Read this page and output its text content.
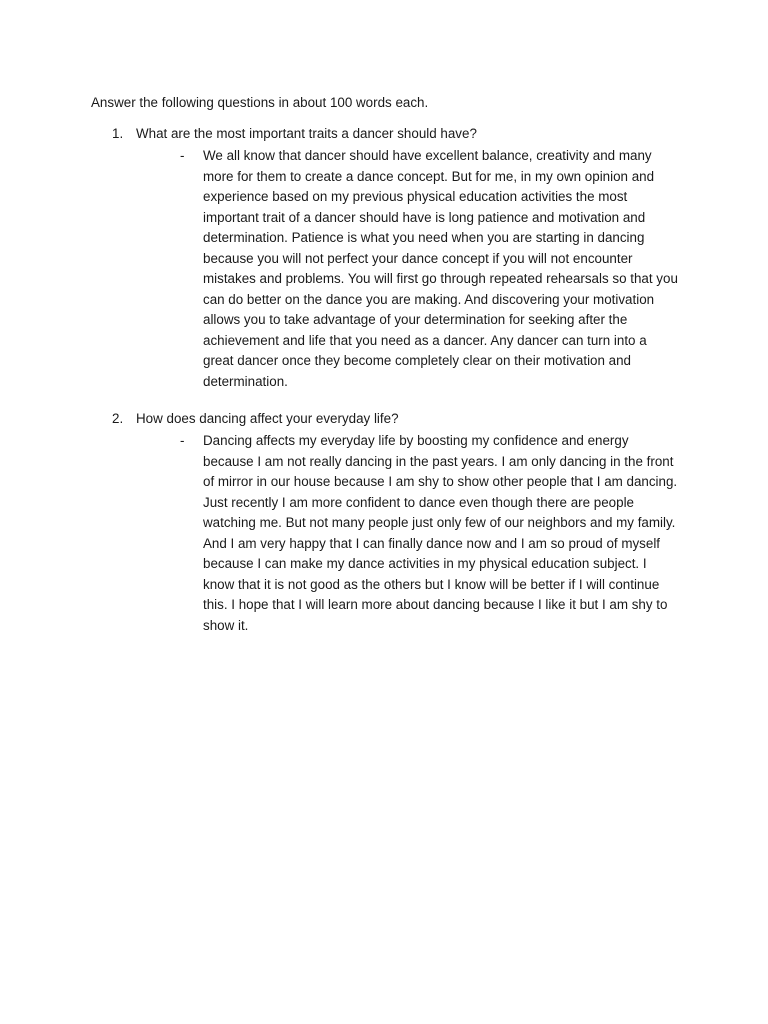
Answer the following questions in about 100 words each.
1. What are the most important traits a dancer should have?
- We all know that dancer should have excellent balance, creativity and many more for them to create a dance concept. But for me, in my own opinion and experience based on my previous physical education activities the most important trait of a dancer should have is long patience and motivation and determination. Patience is what you need when you are starting in dancing because you will not perfect your dance concept if you will not encounter mistakes and problems. You will first go through repeated rehearsals so that you can do better on the dance you are making. And discovering your motivation allows you to take advantage of your determination for seeking after the achievement and life that you need as a dancer. Any dancer can turn into a great dancer once they become completely clear on their motivation and determination.
2. How does dancing affect your everyday life?
- Dancing affects my everyday life by boosting my confidence and energy because I am not really dancing in the past years. I am only dancing in the front of mirror in our house because I am shy to show other people that I am dancing. Just recently I am more confident to dance even though there are people watching me. But not many people just only few of our neighbors and my family. And I am very happy that I can finally dance now and I am so proud of myself because I can make my dance activities in my physical education subject. I know that it is not good as the others but I know will be better if I will continue this. I hope that I will learn more about dancing because I like it but I am shy to show it.
